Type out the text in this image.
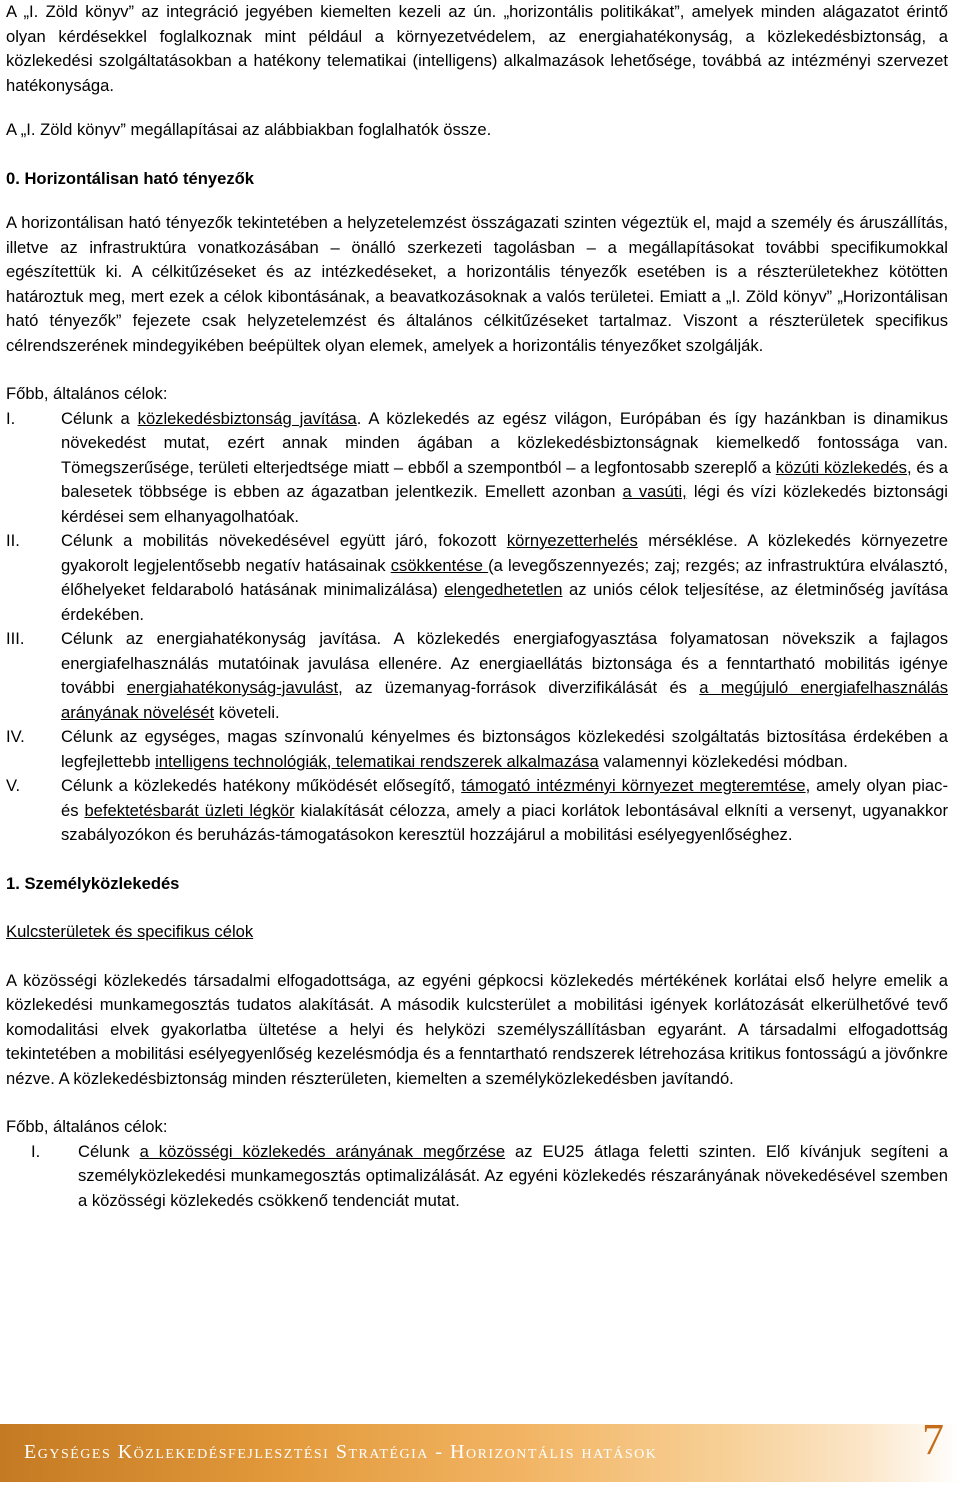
A „I. Zöld könyv” az integráció jegyében kiemelten kezeli az ún. „horizontális politikákat”, amelyek minden alágazatot érintő olyan kérdésekkel foglalkoznak mint például a környezetvédelem, az energiahatékonyság, a közlekedésbiztonság, a közlekedési szolgáltatásokban a hatékony telematikai (intelligens) alkalmazások lehetősége, továbbá az intézményi szervezet hatékonysága.

A „I. Zöld könyv” megállapításai az alábbiakban foglalhatók össze.

0. Horizontálisan ható tényezők

A horizontálisan ható tényezők tekintetében a helyzetelemzést összágazati szinten végeztük el, majd a személy és áruszállítás, illetve az infrastruktúra vonatkozásában – önálló szerkezeti tagolásban – a megállapításokat további specifikumokkal egészítettük ki. A célkitűzéseket és az intézkedéseket, a horizontális tényezők esetében is a részterületekhez kötötten határoztuk meg, mert ezek a célok kibontásának, a beavatkozásoknak a valós területei. Emiatt a „I. Zöld könyv” „Horizontálisan ható tényezők” fejezete csak helyzetelemzést és általános célkitűzéseket tartalmaz. Viszont a részterületek specifikus célrendszerének mindegyikében beépültek olyan elemek, amelyek a horizontális tényezőket szolgálják.

Főbb, általános célok:

I.	Célunk a közlekedésbiztonság javítása. A közlekedés az egész világon, Európában és így hazánkban is dinamikus növekedést mutat, ezért annak minden ágában a közlekedésbiztonságnak kiemelkedő fontossága van. Tömegszerűsége, területi elterjedtsége miatt – ebből a szempontból – a legfontosabb szereplő a közúti közlekedés, és a balesetek többsége is ebben az ágazatban jelentkezik. Emellett azonban a vasúti, légi és vízi közlekedés biztonsági kérdései sem elhanyagolhatóak.
II.	Célunk a mobilitás növekedésével együtt járó, fokozott környezetterhelés mérséklése. A közlekedés környezetre gyakorolt legjelentősebb negatív hatásainak csökkentése (a levegőszennyezés; zaj; rezgés; az infrastruktúra elválasztó, élőhelyeket feldaraboló hatásának minimalizálása) elengedhetetlen az uniós célok teljesítése, az életminőség javítása érdekében.
III.	Célunk az energiahatékonyság javítása. A közlekedés energiafogyasztása folyamatosan növekszik a fajlagos energiafelhasználás mutatóinak javulása ellenére. Az energiaellátás biztonsága és a fenntartható mobilitás igénye további energiahatékonyság-javulást, az üzemanyag-források diverzifikálását és a megújuló energiafelhasználás arányának növelését követeli.
IV.	Célunk az egységes, magas színvonalú kényelmes és biztonságos közlekedési szolgáltatás biztosítása érdekében a legfejlettebb intelligens technológiák, telematikai rendszerek alkalmazása valamennyi közlekedési módban.
V.	Célunk a közlekedés hatékony működését elősegítő, támogató intézményi környezet megteremtése, amely olyan piac- és befektetésbarát üzleti légkör kialakítását célozza, amely a piaci korlátok lebontásával elkníti a versenyt, ugyanakkor szabályozókon és beruházás-támogatásokon keresztül hozzájárul a mobilitási esélyegyenlőséghez.

1. Személyközlekedés

Kulcsterületek és specifikus célok

A közösségi közlekedés társadalmi elfogadottsága, az egyéni gépkocsi közlekedés mértékének korlátai első helyre emelik a közlekedési munkamegosztás tudatos alakítását. A második kulcsterület a mobilitási igények korlátozását elkerülhetővé tevő komodalitási elvek gyakorlatba ültetése a helyi és helyközi személyszállításban egyaránt. A társadalmi elfogadottság tekintetében a mobilitási esélyegyenlőség kezelésmódja és a fenntartható rendszerek létrehozása kritikus fontosságú a jövőnkre nézve. A közlekedésbiztonság minden részterületen, kiemelten a személyközlekedésben javítandó.

Főbb, általános célok:

I.	Célunk a közösségi közlekedés arányának megőrzése az EU25 átlaga feletti szinten. Elő kívánjuk segíteni a személyközlekedési munkamegosztás optimalizálását. Az egyéni közlekedés részarányának növekedésével szemben a közösségi közlekedés csökkenő tendenciát mutat.
Egységes Közlekedésfejlesztési Stratégia - Horizontális hatások	7
